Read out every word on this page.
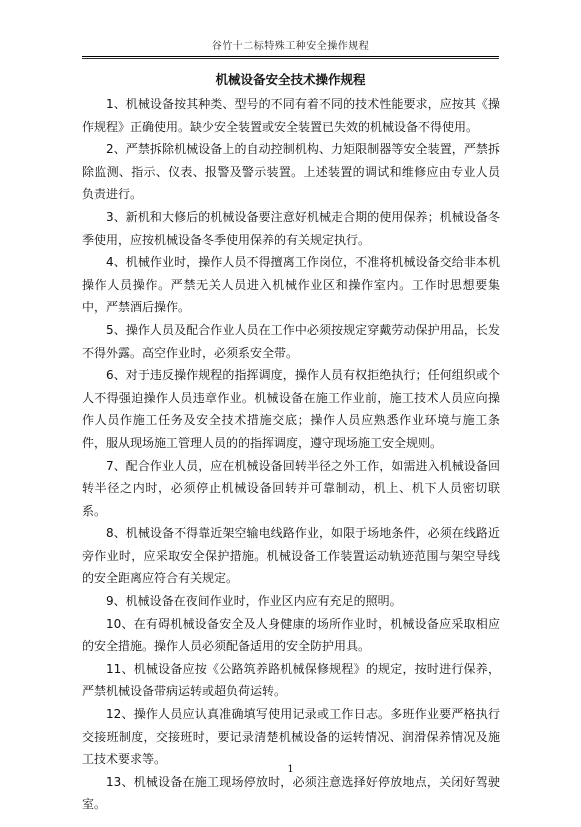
谷竹十二标特殊工种安全操作规程
机械设备安全技术操作规程

1、机械设备按其种类、型号的不同有着不同的技术性能要求，应按其《操作规程》正确使用。缺少安全装置或安全装置已失效的机械设备不得使用。

2、严禁拆除机械设备上的自动控制机构、力矩限制器等安全装置，严禁拆除监测、指示、仪表、报警及警示装置。上述装置的调试和维修应由专业人员负责进行。

3、新机和大修后的机械设备要注意好机械走合期的使用保养；机械设备冬季使用，应按机械设备冬季使用保养的有关规定执行。

4、机械作业时，操作人员不得擅离工作岗位，不准将机械设备交给非本机操作人员操作。严禁无关人员进入机械作业区和操作室内。工作时思想要集中，严禁酒后操作。

5、操作人员及配合作业人员在工作中必须按规定穿戴劳动保护用品，长发不得外露。高空作业时，必须系安全带。

6、对于违反操作规程的指挥调度，操作人员有权拒绝执行；任何组织或个人不得强迫操作人员违章作业。机械设备在施工作业前，施工技术人员应向操作人员作施工任务及安全技术措施交底；操作人员应熟悉作业环境与施工条件，服从现场施工管理人员的的指挥调度，遵守现场施工安全规则。

7、配合作业人员，应在机械设备回转半径之外工作，如需进入机械设备回转半径之内时，必须停止机械设备回转并可靠制动，机上、机下人员密切联系。

8、机械设备不得靠近架空输电线路作业，如限于场地条件，必须在线路近旁作业时，应采取安全保护措施。机械设备工作装置运动轨迹范围与架空导线的安全距离应符合有关规定。

9、机械设备在夜间作业时，作业区内应有充足的照明。

10、在有碍机械设备安全及人身健康的场所作业时，机械设备应采取相应的安全措施。操作人员必须配备适用的安全防护用具。

11、机械设备应按《公路筑养路机械保修规程》的规定，按时进行保养，严禁机械设备带病运转或超负荷运转。

12、操作人员应认真准确填写使用记录或工作日志。多班作业要严格执行交接班制度，交接班时，要记录清楚机械设备的运转情况、润滑保养情况及施工技术要求等。

13、机械设备在施工现场停放时，必须注意选择好停放地点，关闭好驾驶室。

1
